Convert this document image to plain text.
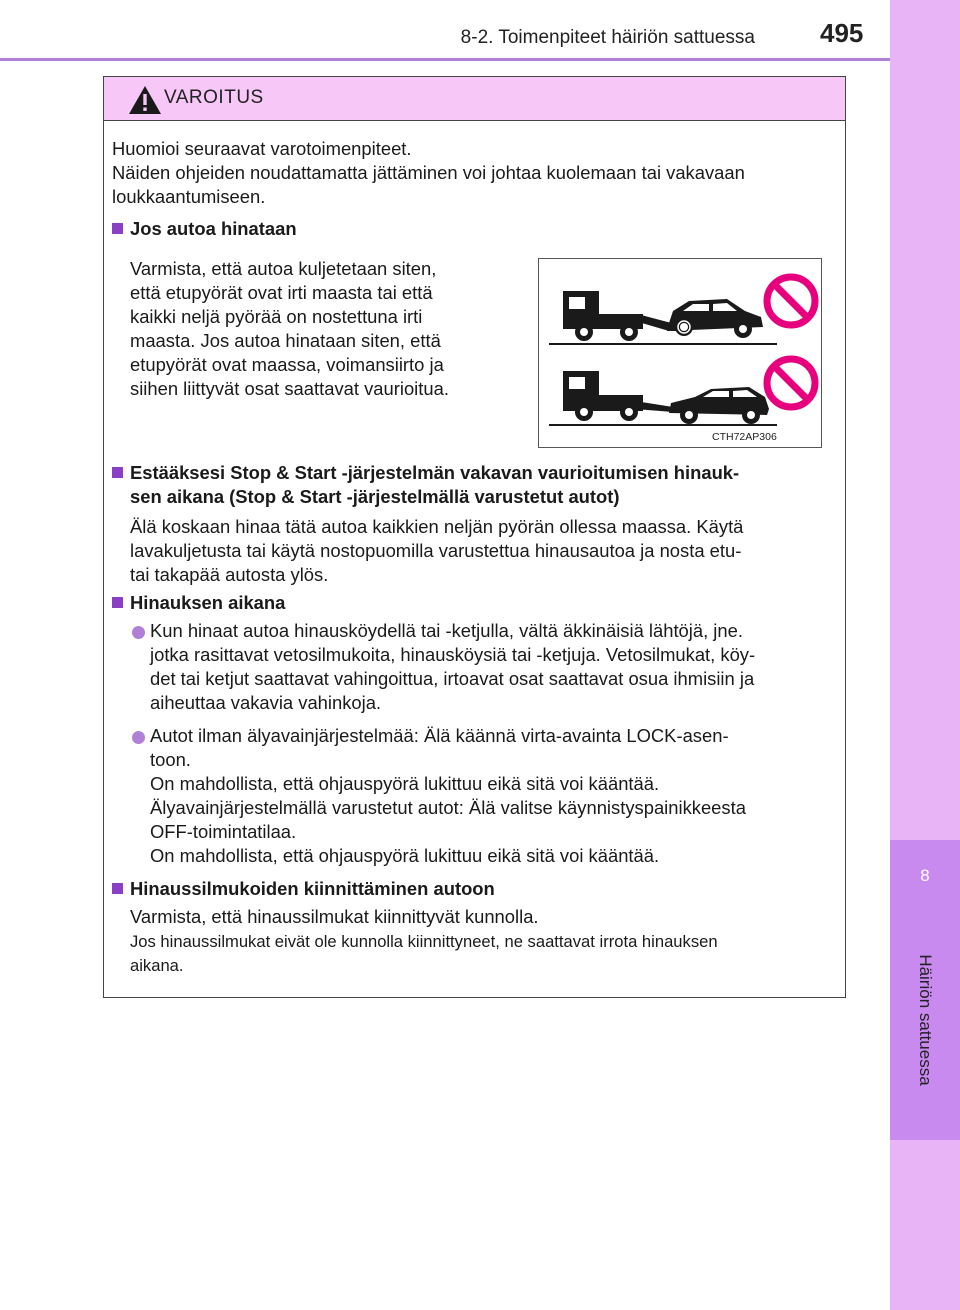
8-2. Toimenpiteet häiriön sattuessa	495
8
Häiriön sattuessa
VAROITUS
Huomioi seuraavat varotoimenpiteet.
Näiden ohjeiden noudattamatta jättäminen voi johtaa kuolemaan tai vakavaan
loukkaantumiseen.
Jos autoa hinataan
Varmista, että autoa kuljetetaan siten,
että etupyörät ovat irti maasta tai että
kaikki neljä pyörää on nostettuna irti
maasta. Jos autoa hinataan siten, että
etupyörät ovat maassa, voimansiirto ja
siihen liittyvät osat saattavat vaurioitua.
CTH72AP306
Estääksesi Stop & Start -järjestelmän vakavan vaurioitumisen hinauk-
sen aikana (Stop & Start -järjestelmällä varustetut autot)
Älä koskaan hinaa tätä autoa kaikkien neljän pyörän ollessa maassa. Käytä
lavakuljetusta tai käytä nostopuomilla varustettua hinausautoa ja nosta etu-
tai takapää autosta ylös.
Hinauksen aikana
Kun hinaat autoa hinausköydellä tai -ketjulla, vältä äkkinäisiä lähtöjä, jne.
jotka rasittavat vetosilmukoita, hinausköysiä tai -ketjuja. Vetosilmukat, köy-
det tai ketjut saattavat vahingoittua, irtoavat osat saattavat osua ihmisiin ja
aiheuttaa vakavia vahinkoja.
Autot ilman älyavainjärjestelmää: Älä käännä virta-avainta LOCK-asen-
toon.
On mahdollista, että ohjauspyörä lukittuu eikä sitä voi kääntää.
Älyavainjärjestelmällä varustetut autot: Älä valitse käynnistyspainikkeesta
OFF-toimintatilaa.
On mahdollista, että ohjauspyörä lukittuu eikä sitä voi kääntää.
Hinaussilmukoiden kiinnittäminen autoon
Varmista, että hinaussilmukat kiinnittyvät kunnolla.
Jos hinaussilmukat eivät ole kunnolla kiinnittyneet, ne saattavat irrota hinauksen
aikana.
